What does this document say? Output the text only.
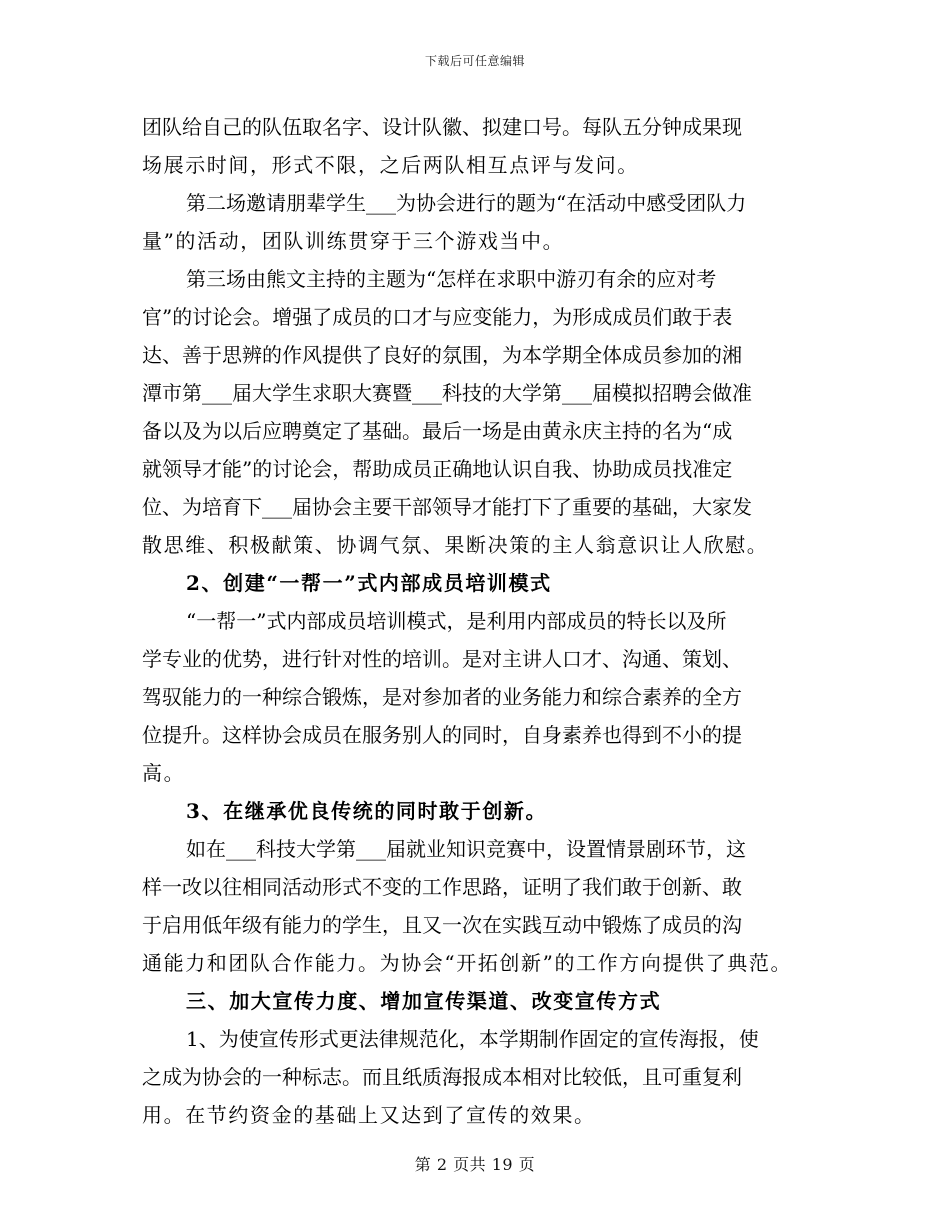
下载后可任意编辑
团队给自己的队伍取名字、设计队徽、拟建口号。每队五分钟成果现
场展示时间，形式不限，之后两队相互点评与发问。
第二场邀请朋辈学生___为协会进行的题为“在活动中感受团队力
量”的活动，团队训练贯穿于三个游戏当中。
第三场由熊文主持的主题为“怎样在求职中游刃有余的应对考
官”的讨论会。增强了成员的口才与应变能力，为形成成员们敢于表
达、善于思辨的作风提供了良好的氛围，为本学期全体成员参加的湘
潭市第___届大学生求职大赛暨___科技的大学第___届模拟招聘会做准
备以及为以后应聘奠定了基础。最后一场是由黄永庆主持的名为“成
就领导才能”的讨论会，帮助成员正确地认识自我、协助成员找准定
位、为培育下___届协会主要干部领导才能打下了重要的基础，大家发
散思维、积极献策、协调气氛、果断决策的主人翁意识让人欣慰。
2、创建“一帮一”式内部成员培训模式
“一帮一”式内部成员培训模式，是利用内部成员的特长以及所
学专业的优势，进行针对性的培训。是对主讲人口才、沟通、策划、
驾驭能力的一种综合锻炼，是对参加者的业务能力和综合素养的全方
位提升。这样协会成员在服务别人的同时，自身素养也得到不小的提
高。
3、在继承优良传统的同时敢于创新。
如在___科技大学第___届就业知识竞赛中，设置情景剧环节，这
样一改以往相同活动形式不变的工作思路，证明了我们敢于创新、敢
于启用低年级有能力的学生，且又一次在实践互动中锻炼了成员的沟
通能力和团队合作能力。为协会“开拓创新”的工作方向提供了典范。
三、加大宣传力度、增加宣传渠道、改变宣传方式
1、为使宣传形式更法律规范化，本学期制作固定的宣传海报，使
之成为协会的一种标志。而且纸质海报成本相对比较低，且可重复利
用。在节约资金的基础上又达到了宣传的效果。
第 2 页共 19 页
